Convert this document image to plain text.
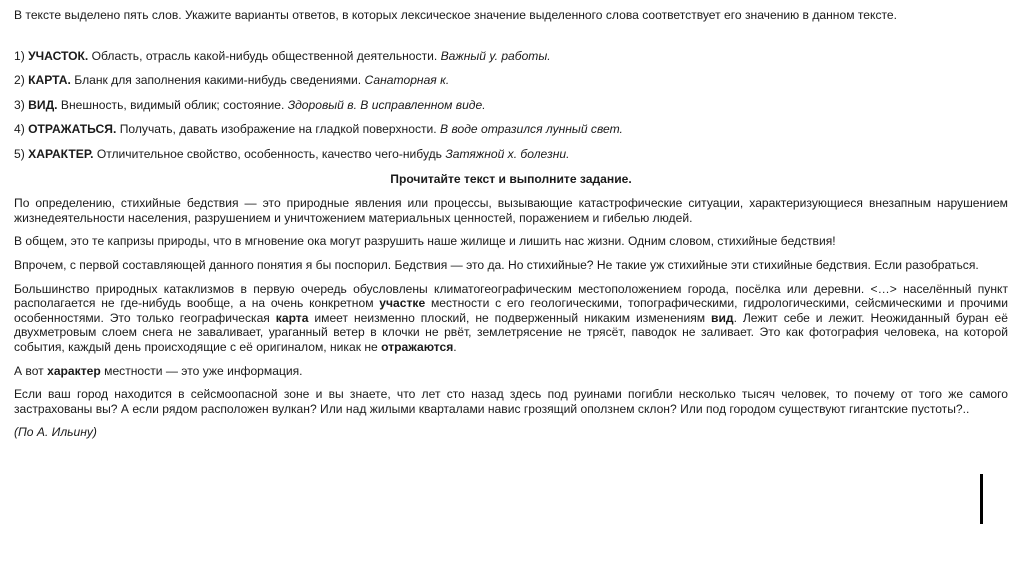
В тексте выделено пять слов. Укажите варианты ответов, в которых лексическое значение выделенного слова соответствует его значению в данном тексте.

1) УЧАСТОК. Область, отрасль какой-нибудь общественной деятельности. Важный у. работы.

2) КАРТА. Бланк для заполнения какими-нибудь сведениями. Санаторная к.

3) ВИД. Внешность, видимый облик; состояние. Здоровый в. В исправленном виде.

4) ОТРАЖАТЬСЯ. Получать, давать изображение на гладкой поверхности. В воде отразился лунный свет.

5) ХАРАКТЕР. Отличительное свойство, особенность, качество чего-нибудь Затяжной х. болезни.

Прочитайте текст и выполните задание.

По определению, стихийные бедствия — это природные явления или процессы, вызывающие катастрофические ситуации, характеризующиеся внезапным нарушением жизнедеятельности населения, разрушением и уничтожением материальных ценностей, поражением и гибелью людей.

В общем, это те капризы природы, что в мгновение ока могут разрушить наше жилище и лишить нас жизни. Одним словом, стихийные бедствия!

Впрочем, с первой составляющей данного понятия я бы поспорил. Бедствия — это да. Но стихийные? Не такие уж стихийные эти стихийные бедствия. Если разобраться.

Большинство природных катаклизмов в первую очередь обусловлены климатогеографическим местоположением города, посёлка или деревни. <…> населённый пункт располагается не где-нибудь вообще, а на очень конкретном участке местности с его геологическими, топографическими, гидрологическими, сейсмическими и прочими особенностями. Это только географическая карта имеет неизменно плоский, не подверженный никаким изменениям вид. Лежит себе и лежит. Неожиданный буран её двухметровым слоем снега не заваливает, ураганный ветер в клочки не рвёт, землетрясение не трясёт, паводок не заливает. Это как фотография человека, на которой события, каждый день происходящие с её оригиналом, никак не отражаются.

А вот характер местности — это уже информация.

Если ваш город находится в сейсмоопасной зоне и вы знаете, что лет сто назад здесь под руинами погибли несколько тысяч человек, то почему от того же самого застрахованы вы? А если рядом расположен вулкан? Или над жилыми кварталами навис грозящий оползнем склон? Или под городом существуют гигантские пустоты?..

(По А. Ильину)
